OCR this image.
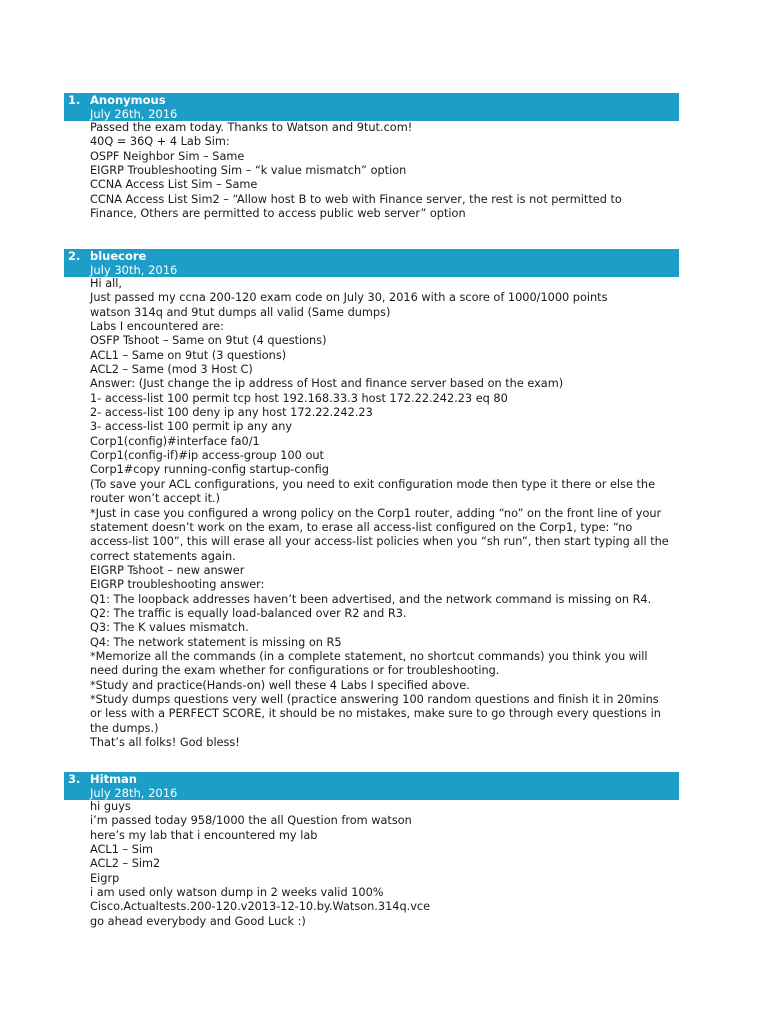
1. Anonymous
July 26th, 2016
Passed the exam today. Thanks to Watson and 9tut.com!
40Q = 36Q + 4 Lab Sim:
OSPF Neighbor Sim – Same
EIGRP Troubleshooting Sim – “k value mismatch” option
CCNA Access List Sim – Same
CCNA Access List Sim2 – “Allow host B to web with Finance server, the rest is not permitted to
Finance, Others are permitted to access public web server” option
2. bluecore
July 30th, 2016
Hi all,
Just passed my ccna 200-120 exam code on July 30, 2016 with a score of 1000/1000 points
watson 314q and 9tut dumps all valid (Same dumps)
Labs I encountered are:
OSFP Tshoot – Same on 9tut (4 questions)
ACL1 – Same on 9tut (3 questions)
ACL2 – Same (mod 3 Host C)
Answer: (Just change the ip address of Host and finance server based on the exam)
1- access-list 100 permit tcp host 192.168.33.3 host 172.22.242.23 eq 80
2- access-list 100 deny ip any host 172.22.242.23
3- access-list 100 permit ip any any
Corp1(config)#interface fa0/1
Corp1(config-if)#ip access-group 100 out
Corp1#copy running-config startup-config
(To save your ACL configurations, you need to exit configuration mode then type it there or else the
router won’t accept it.)
*Just in case you configured a wrong policy on the Corp1 router, adding “no” on the front line of your
statement doesn’t work on the exam, to erase all access-list configured on the Corp1, type: “no
access-list 100”, this will erase all your access-list policies when you “sh run”, then start typing all the
correct statements again.
EIGRP Tshoot – new answer
EIGRP troubleshooting answer:
Q1: The loopback addresses haven’t been advertised, and the network command is missing on R4.
Q2: The traffic is equally load-balanced over R2 and R3.
Q3: The K values mismatch.
Q4: The network statement is missing on R5
*Memorize all the commands (in a complete statement, no shortcut commands) you think you will
need during the exam whether for configurations or for troubleshooting.
*Study and practice(Hands-on) well these 4 Labs I specified above.
*Study dumps questions very well (practice answering 100 random questions and finish it in 20mins
or less with a PERFECT SCORE, it should be no mistakes, make sure to go through every questions in
the dumps.)
That’s all folks! God bless!
3. Hitman
July 28th, 2016
hi guys
i’m passed today 958/1000 the all Question from watson
here’s my lab that i encountered my lab
ACL1 – Sim
ACL2 – Sim2
Eigrp
i am used only watson dump in 2 weeks valid 100%
Cisco.Actualtests.200-120.v2013-12-10.by.Watson.314q.vce
go ahead everybody and Good Luck :)
